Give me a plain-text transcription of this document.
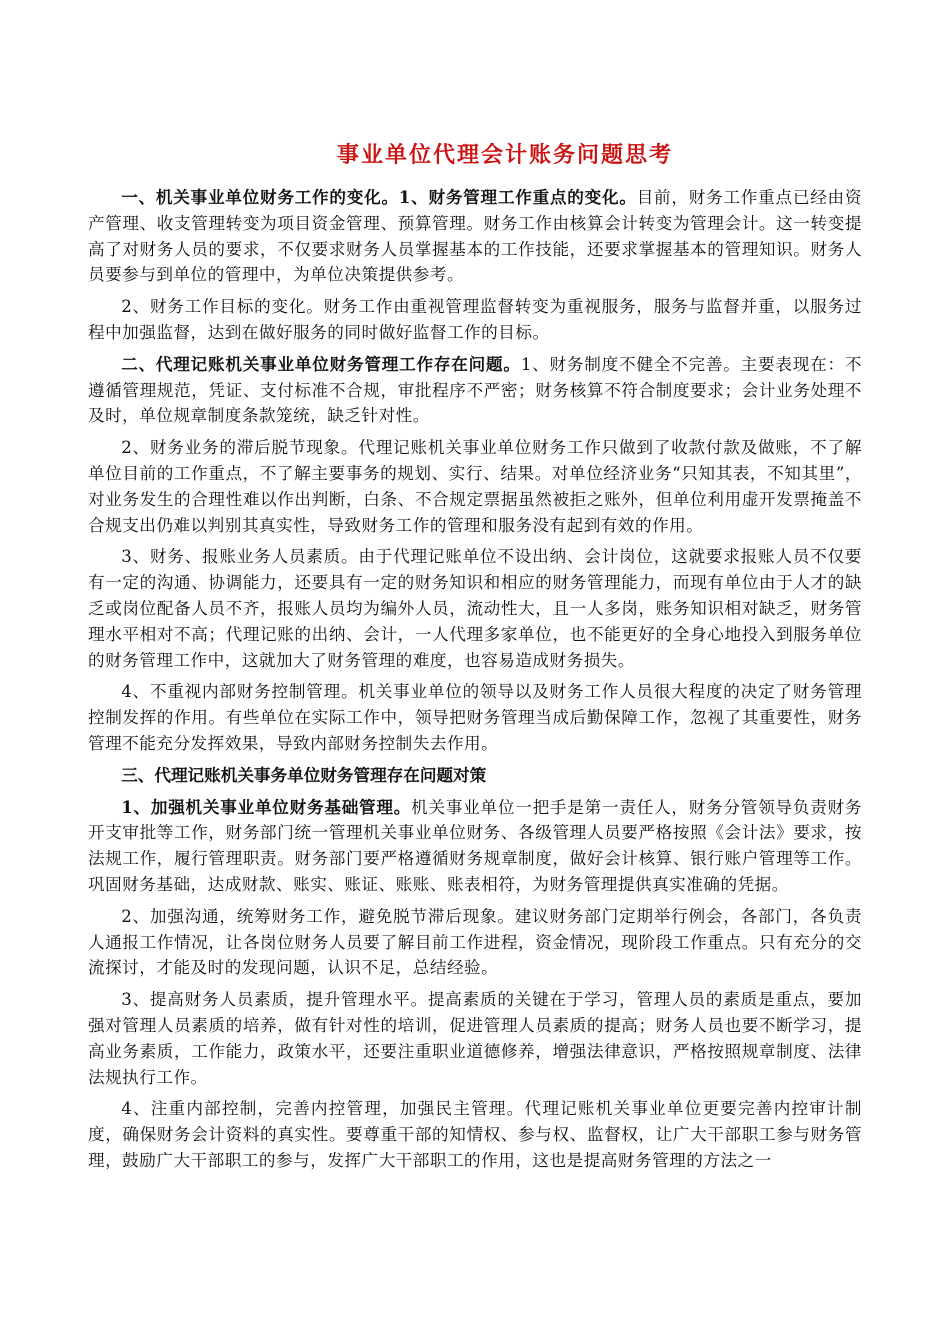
事业单位代理会计账务问题思考

一、机关事业单位财务工作的变化。1、财务管理工作重点的变化。目前，财务工作重点已经由资产管理、收支管理转变为项目资金管理、预算管理。财务工作由核算会计转变为管理会计。这一转变提高了对财务人员的要求，不仅要求财务人员掌握基本的工作技能，还要求掌握基本的管理知识。财务人员要参与到单位的管理中，为单位决策提供参考。

2、财务工作目标的变化。财务工作由重视管理监督转变为重视服务，服务与监督并重，以服务过程中加强监督，达到在做好服务的同时做好监督工作的目标。

二、代理记账机关事业单位财务管理工作存在问题。1、财务制度不健全不完善。主要表现在：不遵循管理规范，凭证、支付标准不合规，审批程序不严密；财务核算不符合制度要求；会计业务处理不及时，单位规章制度条款笼统，缺乏针对性。

2、财务业务的滞后脱节现象。代理记账机关事业单位财务工作只做到了收款付款及做账，不了解单位目前的工作重点，不了解主要事务的规划、实行、结果。对单位经济业务“只知其表，不知其里”，对业务发生的合理性难以作出判断，白条、不合规定票据虽然被拒之账外，但单位利用虚开发票掩盖不合规支出仍难以判别其真实性，导致财务工作的管理和服务没有起到有效的作用。

3、财务、报账业务人员素质。由于代理记账单位不设出纳、会计岗位，这就要求报账人员不仅要有一定的沟通、协调能力，还要具有一定的财务知识和相应的财务管理能力，而现有单位由于人才的缺乏或岗位配备人员不齐，报账人员均为编外人员，流动性大，且一人多岗，账务知识相对缺乏，财务管理水平相对不高；代理记账的出纳、会计，一人代理多家单位，也不能更好的全身心地投入到服务单位的财务管理工作中，这就加大了财务管理的难度，也容易造成财务损失。

4、不重视内部财务控制管理。机关事业单位的领导以及财务工作人员很大程度的决定了财务管理控制发挥的作用。有些单位在实际工作中，领导把财务管理当成后勤保障工作，忽视了其重要性，财务管理不能充分发挥效果，导致内部财务控制失去作用。

三、代理记账机关事务单位财务管理存在问题对策

1、加强机关事业单位财务基础管理。机关事业单位一把手是第一责任人，财务分管领导负责财务开支审批等工作，财务部门统一管理机关事业单位财务、各级管理人员要严格按照《会计法》要求，按法规工作，履行管理职责。财务部门要严格遵循财务规章制度，做好会计核算、银行账户管理等工作。巩固财务基础，达成财款、账实、账证、账账、账表相符，为财务管理提供真实准确的凭据。

2、加强沟通，统筹财务工作，避免脱节滞后现象。建议财务部门定期举行例会，各部门，各负责人通报工作情况，让各岗位财务人员要了解目前工作进程，资金情况，现阶段工作重点。只有充分的交流探讨，才能及时的发现问题，认识不足，总结经验。

3、提高财务人员素质，提升管理水平。提高素质的关键在于学习，管理人员的素质是重点，要加强对管理人员素质的培养，做有针对性的培训，促进管理人员素质的提高；财务人员也要不断学习，提高业务素质，工作能力，政策水平，还要注重职业道德修养，增强法律意识，严格按照规章制度、法律法规执行工作。

4、注重内部控制，完善内控管理，加强民主管理。代理记账机关事业单位更要完善内控审计制度，确保财务会计资料的真实性。要尊重干部的知情权、参与权、监督权，让广大干部职工参与财务管理，鼓励广大干部职工的参与，发挥广大干部职工的作用，这也是提高财务管理的方法之一
